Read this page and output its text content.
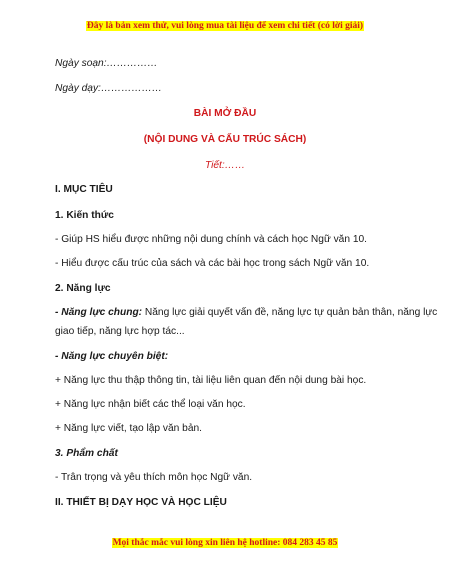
Đây là bản xem thử, vui lòng mua tài liệu để xem chi tiết (có lời giải)
Ngày soạn:……………
Ngày dạy:………………
BÀI MỞ ĐẦU
(NỘI DUNG VÀ CẤU TRÚC SÁCH)
Tiết:……
I. MỤC TIÊU
1. Kiến thức
- Giúp HS hiểu được những nội dung chính và cách học Ngữ văn 10.
- Hiểu được cấu trúc của sách và các bài học trong sách Ngữ văn 10.
2. Năng lực
- Năng lực chung: Năng lực giải quyết vấn đề, năng lực tự quản bản thân, năng lực
giao tiếp, năng lực hợp tác...
- Năng lực chuyên biệt:
+ Năng lực thu thập thông tin, tài liệu liên quan đến nội dung bài học.
+ Năng lực nhận biết các thể loại văn học.
+ Năng lực viết, tạo lập văn bản.
3. Phẩm chất
- Trân trọng và yêu thích môn học Ngữ văn.
II. THIẾT BỊ DẠY HỌC VÀ HỌC LIỆU
Mọi thắc mắc vui lòng xin liên hệ hotline: 084 283 45 85
